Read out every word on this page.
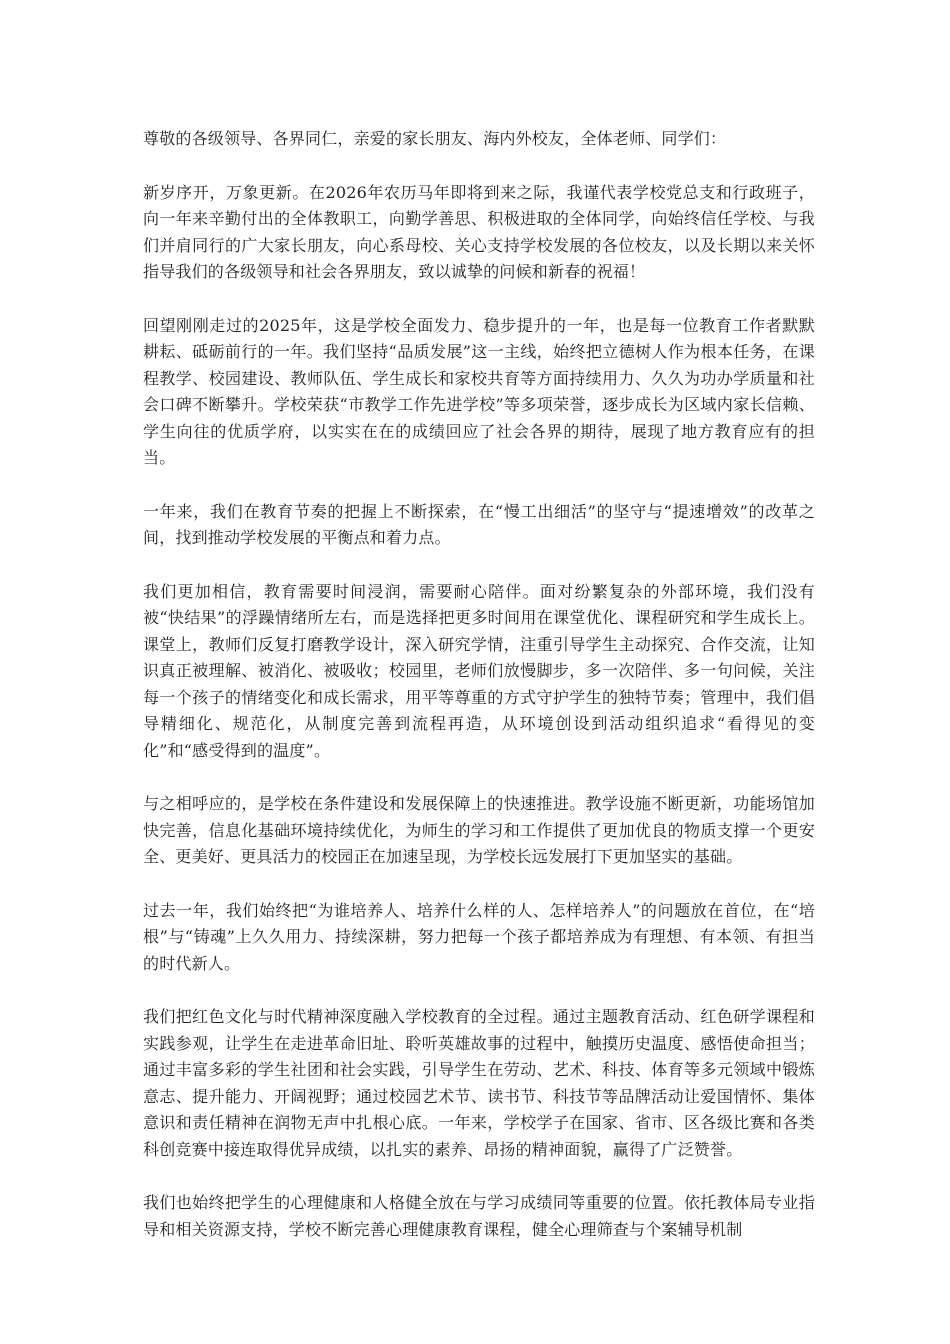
尊敬的各级领导、各界同仁，亲爱的家长朋友、海内外校友，全体老师、同学们：

新岁序开，万象更新。在2026年农历马年即将到来之际，我谨代表学校党总支和行政班子，向一年来辛勤付出的全体教职工，向勤学善思、积极进取的全体同学，向始终信任学校、与我们并肩同行的广大家长朋友，向心系母校、关心支持学校发展的各位校友，以及长期以来关怀指导我们的各级领导和社会各界朋友，致以诚挚的问候和新春的祝福！

回望刚刚走过的2025年，这是学校全面发力、稳步提升的一年，也是每一位教育工作者默默耕耘、砥砺前行的一年。我们坚持“品质发展”这一主线，始终把立德树人作为根本任务，在课程教学、校园建设、教师队伍、学生成长和家校共育等方面持续用力、久久为功办学质量和社会口碑不断攀升。学校荣获“市教学工作先进学校”等多项荣誉，逐步成长为区域内家长信赖、学生向往的优质学府，以实实在在的成绩回应了社会各界的期待，展现了地方教育应有的担当。

一年来，我们在教育节奏的把握上不断探索，在“慢工出细活”的坚守与“提速增效”的改革之间，找到推动学校发展的平衡点和着力点。

我们更加相信，教育需要时间浸润，需要耐心陪伴。面对纷繁复杂的外部环境，我们没有被“快结果”的浮躁情绪所左右，而是选择把更多时间用在课堂优化、课程研究和学生成长上。课堂上，教师们反复打磨教学设计，深入研究学情，注重引导学生主动探究、合作交流，让知识真正被理解、被消化、被吸收；校园里，老师们放慢脚步，多一次陪伴、多一句问候，关注每一个孩子的情绪变化和成长需求，用平等尊重的方式守护学生的独特节奏；管理中，我们倡导精细化、规范化，从制度完善到流程再造，从环境创设到活动组织追求“看得见的变化”和“感受得到的温度”。

与之相呼应的，是学校在条件建设和发展保障上的快速推进。教学设施不断更新，功能场馆加快完善，信息化基础环境持续优化，为师生的学习和工作提供了更加优良的物质支撑一个更安全、更美好、更具活力的校园正在加速呈现，为学校长远发展打下更加坚实的基础。

过去一年，我们始终把“为谁培养人、培养什么样的人、怎样培养人”的问题放在首位，在“培根”与“铸魂”上久久用力、持续深耕，努力把每一个孩子都培养成为有理想、有本领、有担当的时代新人。

我们把红色文化与时代精神深度融入学校教育的全过程。通过主题教育活动、红色研学课程和实践参观，让学生在走进革命旧址、聆听英雄故事的过程中，触摸历史温度、感悟使命担当；通过丰富多彩的学生社团和社会实践，引导学生在劳动、艺术、科技、体育等多元领域中锻炼意志、提升能力、开阔视野；通过校园艺术节、读书节、科技节等品牌活动让爱国情怀、集体意识和责任精神在润物无声中扎根心底。一年来，学校学子在国家、省市、区各级比赛和各类科创竞赛中接连取得优异成绩，以扎实的素养、昂扬的精神面貌，赢得了广泛赞誉。

我们也始终把学生的心理健康和人格健全放在与学习成绩同等重要的位置。依托教体局专业指导和相关资源支持，学校不断完善心理健康教育课程，健全心理筛查与个案辅导机制
